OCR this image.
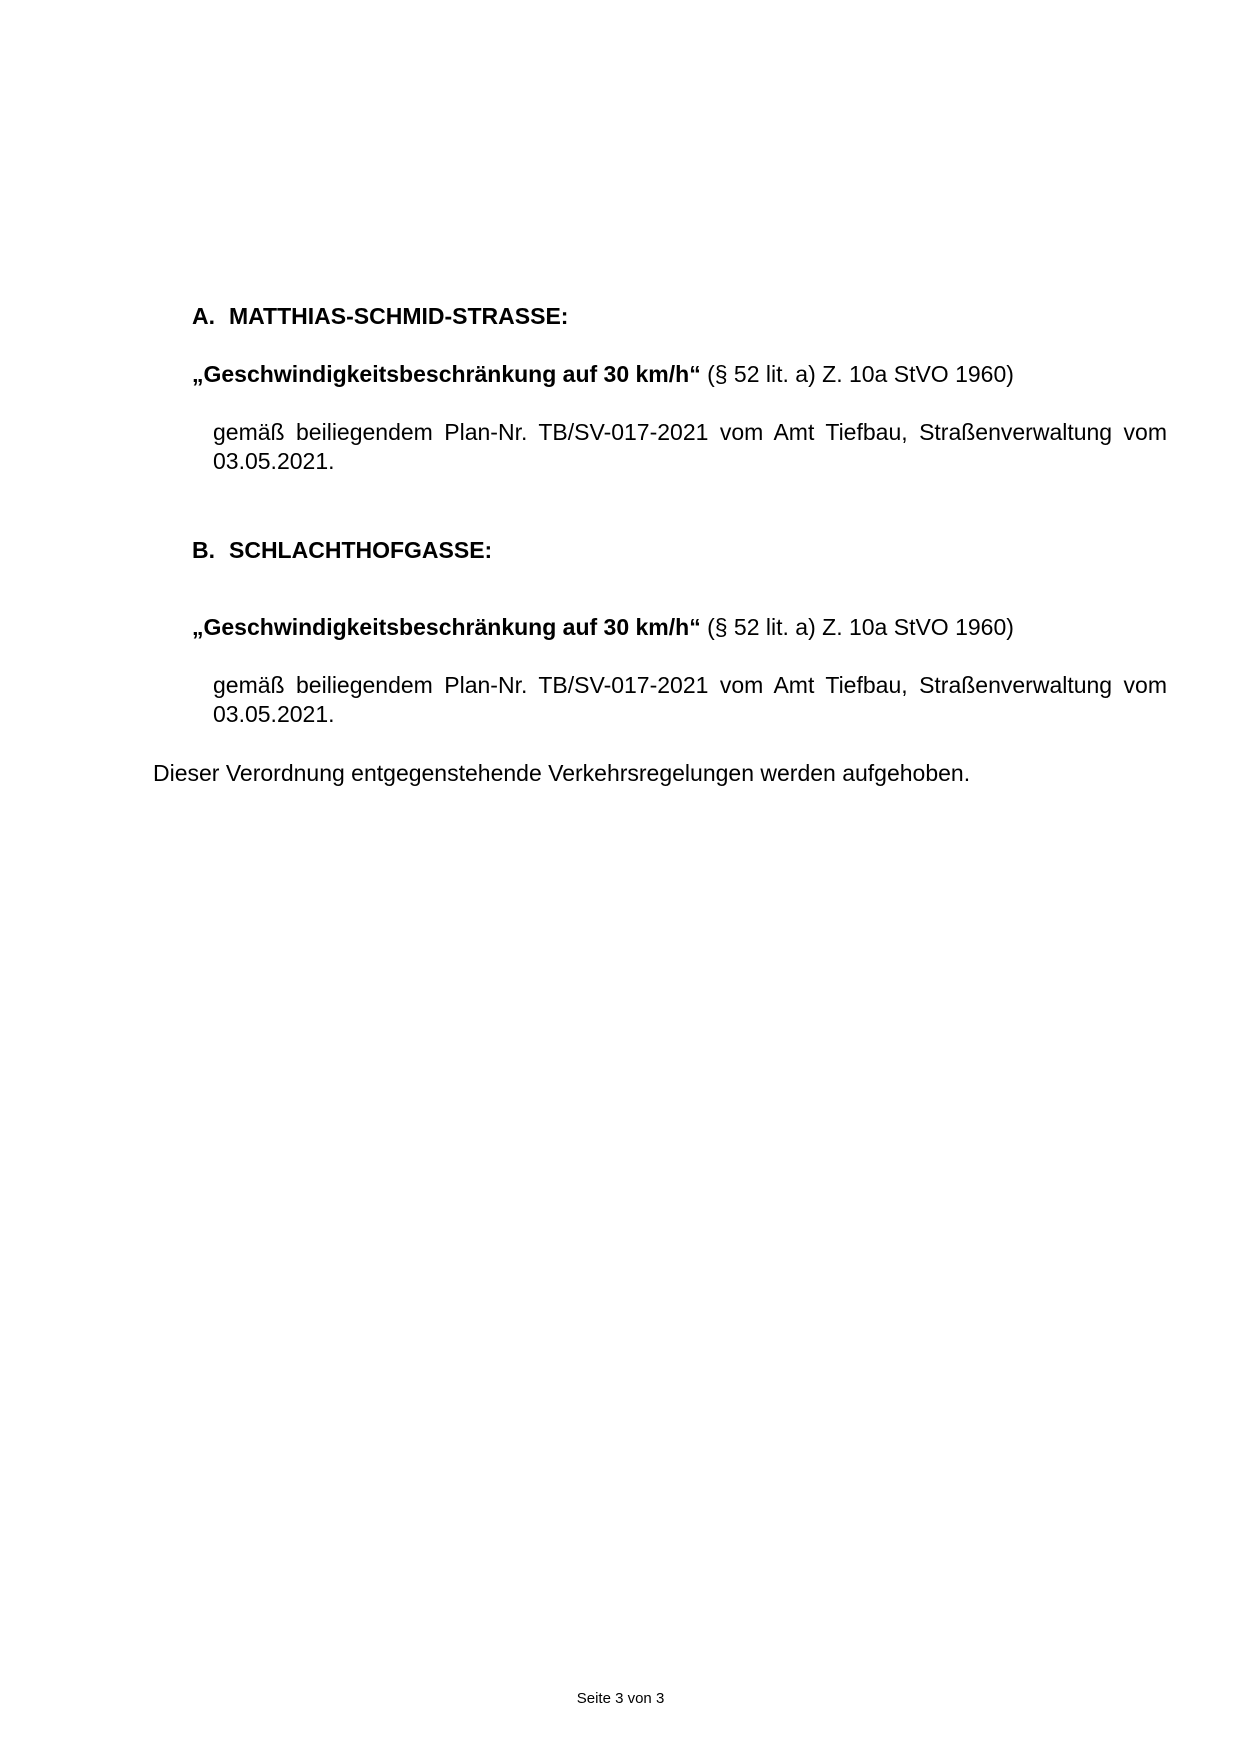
A. MATTHIAS-SCHMID-STRASSE:
„Geschwindigkeitsbeschränkung auf 30 km/h“ (§ 52 lit. a) Z. 10a StVO 1960)
gemäß beiliegendem Plan-Nr. TB/SV-017-2021 vom Amt Tiefbau, Straßenverwaltung vom 03.05.2021.
B. SCHLACHTHOFGASSE:
„Geschwindigkeitsbeschränkung auf 30 km/h“ (§ 52 lit. a) Z. 10a StVO 1960)
gemäß beiliegendem Plan-Nr. TB/SV-017-2021 vom Amt Tiefbau, Straßenverwaltung vom 03.05.2021.
Dieser Verordnung entgegenstehende Verkehrsregelungen werden aufgehoben.
Seite 3 von 3
